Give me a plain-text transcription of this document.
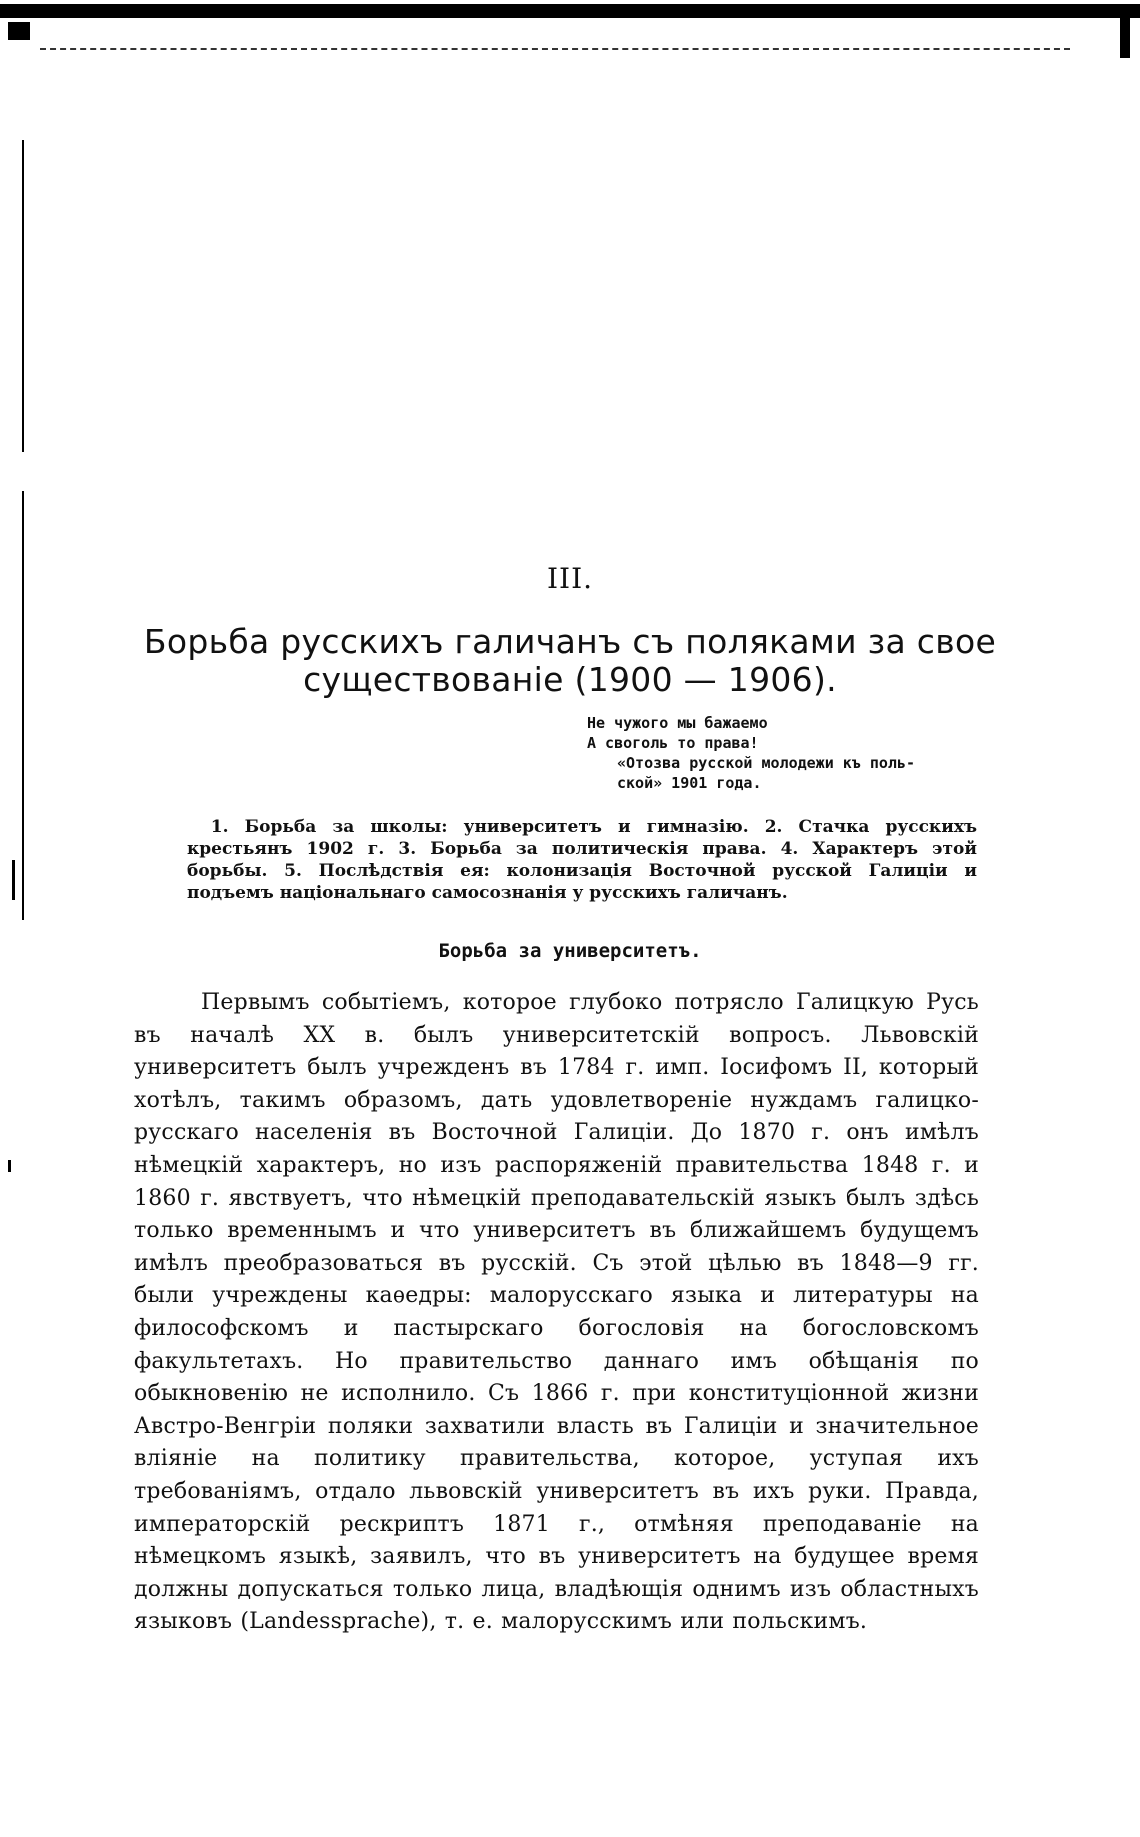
III.
Борьба русскихъ галичанъ съ поляками за свое
существованіе (1900 — 1906).
Не чужого мы бажаемо
А своголь то права!
«Отозва русской молодежи къ поль-
ской» 1901 года.
1. Борьба за школы: университетъ и гимназію. 2. Стачка русскихъ крестьянъ 1902 г. 3. Борьба за политическія права. 4. Характеръ этой борьбы. 5. Послѣдствія ея: колонизація Восточной русской Галиціи и подъемъ національнаго самосознанія у русскихъ галичанъ.
Борьба за университетъ.
Первымъ событіемъ, которое глубоко потрясло Галицкую Русь въ началѣ XX в. былъ университетскій вопросъ. Львовскій университетъ былъ учрежденъ въ 1784 г. имп. Іосифомъ II, который хотѣлъ, такимъ образомъ, дать удовлетвореніе нуждамъ галицко-русскаго населенія въ Восточной Галиціи. До 1870 г. онъ имѣлъ нѣмецкій характеръ, но изъ распоряженій правительства 1848 г. и 1860 г. явствуетъ, что нѣмецкій преподавательскій языкъ былъ здѣсь только временнымъ и что университетъ въ ближайшемъ будущемъ имѣлъ преобразоваться въ русскій. Съ этой цѣлью въ 1848—9 гг. были учреждены каѳедры: малорусскаго языка и литературы на философскомъ и пастырскаго богословія на богословскомъ факультетахъ. Но правительство даннаго имъ обѣщанія по обыкновенію не исполнило. Съ 1866 г. при конституціонной жизни Австро-Венгріи поляки захватили власть въ Галиціи и значительное вліяніе на политику правительства, которое, уступая ихъ требованіямъ, отдало львовскій университетъ въ ихъ руки. Правда, императорскій рескриптъ 1871 г., отмѣняя преподаваніе на нѣмецкомъ языкѣ, заявилъ, что въ университетъ на будущее время должны допускаться только лица, владѣющія однимъ изъ областныхъ языковъ (Landessprache), т. е. малорусскимъ или польскимъ.
